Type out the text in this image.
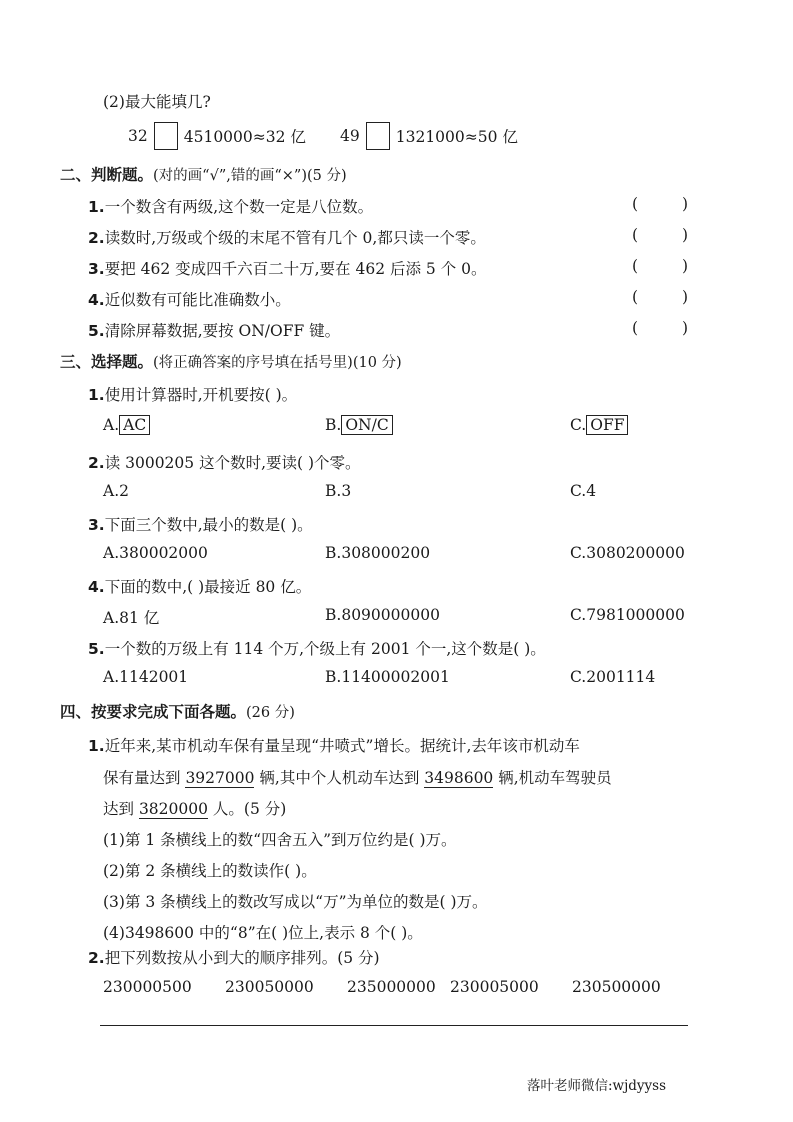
(2)最大能填几?
32 4510000≈32 亿 49 1321000≈50 亿
二、判断题。(对的画“√”,错的画“×”)(5 分)
1.一个数含有两级,这个数一定是八位数。	(	)
2.读数时,万级或个级的末尾不管有几个 0,都只读一个零。	(	)
3.要把 462 变成四千六百二十万,要在 462 后添 5 个 0。	(	)
4.近似数有可能比准确数小。	(	)
5.清除屏幕数据,要按 ON/OFF 键。	(	)
三、选择题。(将正确答案的序号填在括号里)(10 分)
1.使用计算器时,开机要按( )。
A. AC	B. ON/C	C. OFF
2.读 3000205 这个数时,要读( )个零。
A.2	B.3	C.4
3.下面三个数中,最小的数是( )。
A.380002000	B.308000200	C.3080200000
4.下面的数中,( )最接近 80 亿。
A.81 亿	B.8090000000	C.7981000000
5.一个数的万级上有 114 个万,个级上有 2001 个一,这个数是( )。
A.1142001	B.11400002001	C.2001114
四、按要求完成下面各题。(26 分)
1.近年来,某市机动车保有量呈现“井喷式”增长。据统计,去年该市机动车
保有量达到 3927000 辆,其中个人机动车达到 3498600 辆,机动车驾驶员
达到 3820000 人。(5 分)
(1)第 1 条横线上的数“四舍五入”到万位约是( )万。
(2)第 2 条横线上的数读作( )。
(3)第 3 条横线上的数改写成以“万”为单位的数是( )万。
(4)3498600 中的“8”在( )位上,表示 8 个( )。
2.把下列数按从小到大的顺序排列。(5 分)
230000500 230050000 235000000 230005000 230500000
落叶老师微信:wjdyyss
